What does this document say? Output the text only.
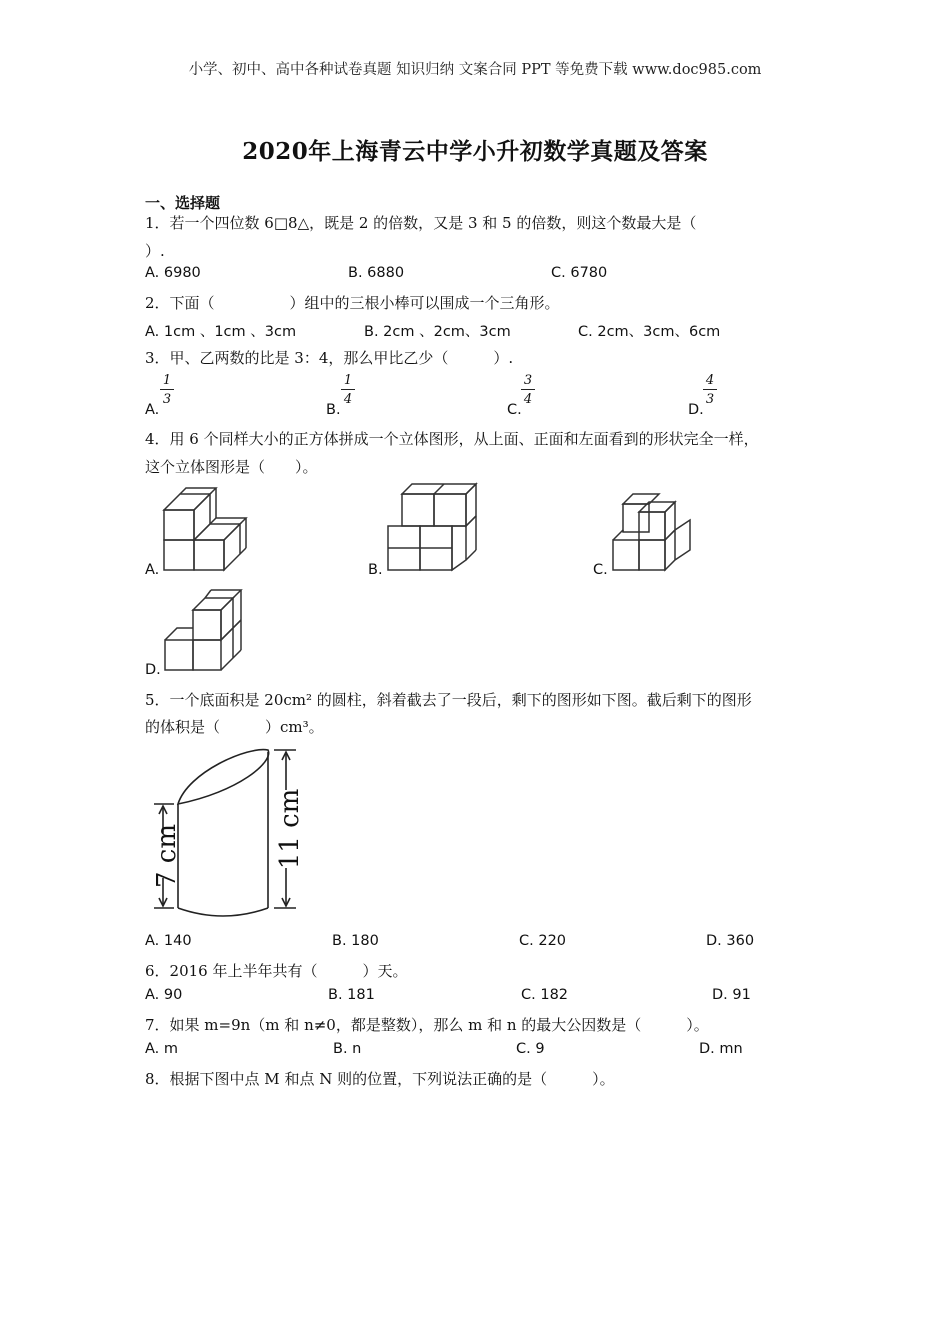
小学、初中、高中各种试卷真题 知识归纳 文案合同 PPT 等免费下载 www.doc985.com
2020年上海青云中学小升初数学真题及答案
一、选择题
1．若一个四位数 6□8△，既是 2 的倍数，又是 3 和 5 的倍数，则这个数最大是（
）.
A. 6980	B. 6880	C. 6780
2．下面（　　　　　）组中的三根小棒可以围成一个三角形。
A. 1cm 、1cm 、3cm	B. 2cm 、2cm、3cm	C. 2cm、3cm、6cm
3．甲、乙两数的比是 3：4，那么甲比乙少（　　　）.
A.
1
3
B.
1
4
C.
3
4
D.
4
3
4．用 6 个同样大小的正方体拼成一个立体图形，从上面、正面和左面看到的形状完全一样，
这个立体图形是（　　）。
A.	B.	C.
D.
5．一个底面积是 20cm² 的圆柱，斜着截去了一段后，剩下的图形如下图。截后剩下的图形
的体积是（　　　）cm³。
7 cm	11 cm
A. 140	B. 180	C. 220	D. 360
6．2016 年上半年共有（　　　）天。
A. 90	B. 181	C. 182	D. 91
7．如果 m=9n（m 和 n≠0，都是整数），那么 m 和 n 的最大公因数是（　　　）。
A. m	B. n	C. 9	D. mn
8．根据下图中点 M 和点 N 则的位置，下列说法正确的是（　　　）。
